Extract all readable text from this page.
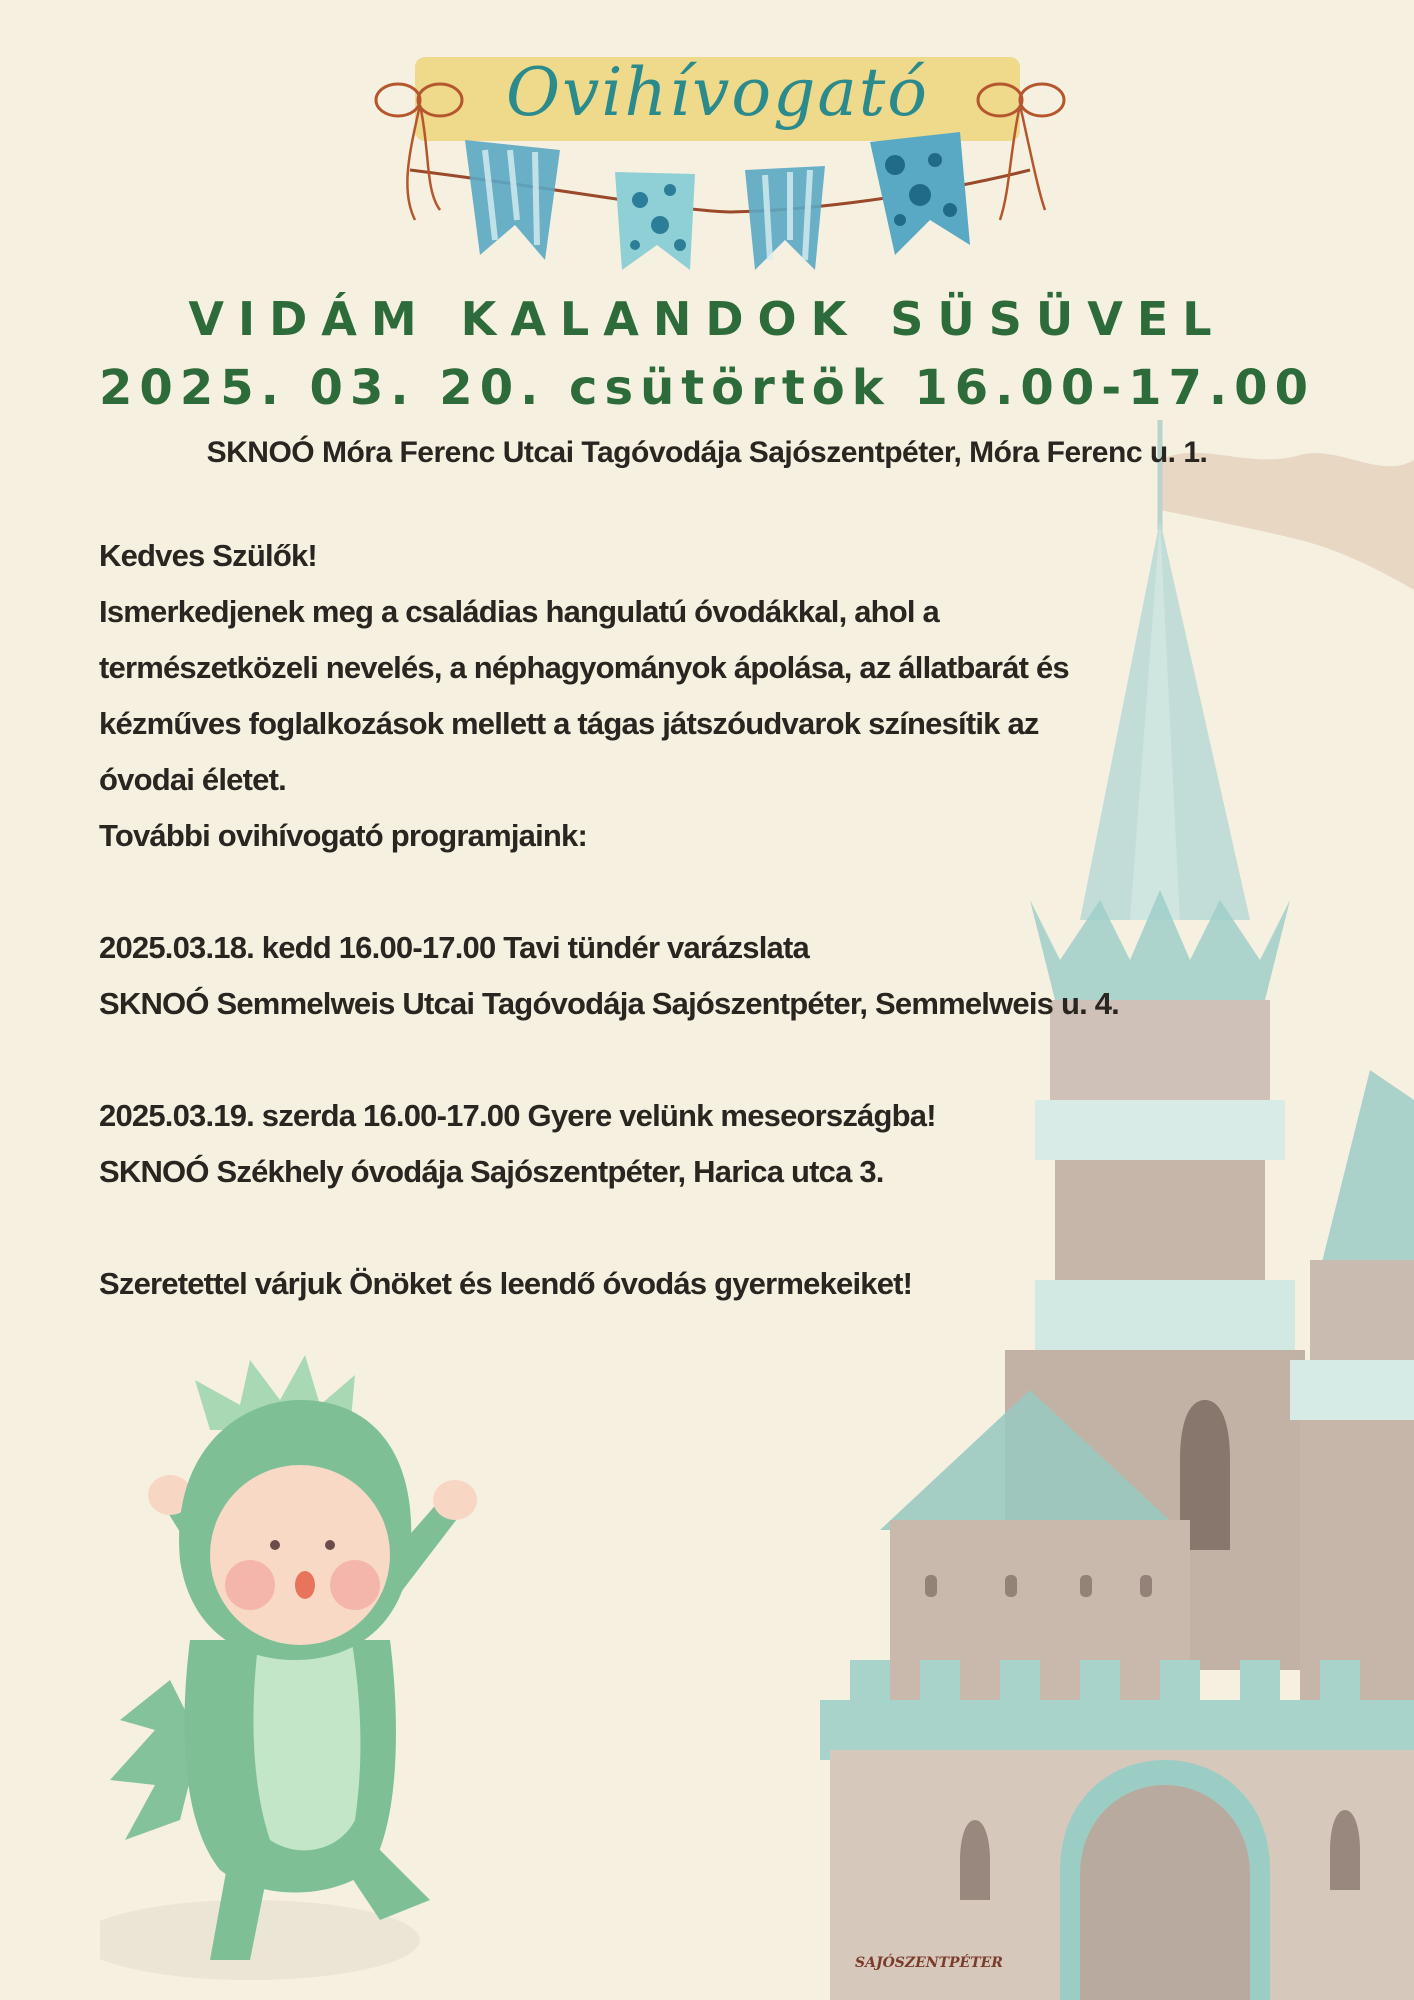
Ovihívogató
VIDÁM KALANDOK SÜSÜVEL
2025. 03. 20. csütörtök 16.00-17.00
SKNOÓ Móra Ferenc Utcai Tagóvodája Sajószentpéter, Móra Ferenc u. 1.

Kedves Szülők!

Ismerkedjenek meg a családias hangulatú óvodákkal, ahol a

természetközeli nevelés, a néphagyományok ápolása, az állatbarát és

kézműves foglalkozások mellett a tágas játszóudvarok színesítik az

óvodai életet.

További ovihívogató programjaink:

2025.03.18. kedd 16.00-17.00 Tavi tündér varázslata

SKNOÓ Semmelweis Utcai Tagóvodája Sajószentpéter, Semmelweis u. 4.

2025.03.19. szerda 16.00-17.00 Gyere velünk meseországba!

SKNOÓ Székhely óvodája Sajószentpéter, Harica utca 3.

Szeretettel várjuk Önöket és leendő óvodás gyermekeiket!

SAJÓSZENTPÉTER
